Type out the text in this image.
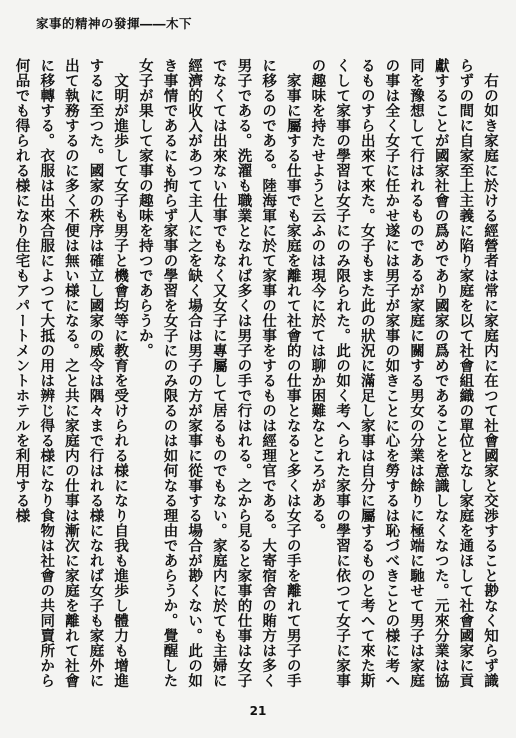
家事的精神の發揮――木下

右の如き家庭に於ける經營者は常に家庭内に在つて社會國家と交渉すること尠なく知らず識らずの間に自家至上主義に陷り家庭を以て社會組織の單位となし家庭を通ほして社會國家に貢獻することが國家社會の爲めであり國家の爲めであることを意識しなくなつた。元來分業は協同を豫想して行はれるものであるが家庭に關する男女の分業は餘りに極端に馳せて男子は家庭の事は全く女子に任かせ遂には男子が家事の如きことに心を勞するは恥づべきことの様に考へるものすら出來て來た。女子もまた此の狀況に滿足し家事は自分に屬するものと考へて來た斯くして家事の學習は女子にのみ限られた。此の如く考へられた家事の學習に依つて女子に家事の趣味を持たせようと云ふのは現今に於ては聊か困難なところがある。

家事に屬する仕事でも家庭を離れて社會的の仕事となると多くは女子の手を離れて男子の手に移るのである。陸海軍に於て家事の仕事をするものは經理官である。大寄宿舍の賄方は多く男子である。洗濯も職業となれば多くは男子の手で行はれる。之から見ると家事的仕事は女子でなくては出來ない仕事でもなく又女子に專屬して居るものでもない。家庭内に於ても主婦に經濟的收入があつて主人に之を缺く場合は男子の方が家事に從事する場合が尠くない。此の如き事情であるにも拘らず家事の學習を女子にのみ限るのは如何なる理由であらうか。覺醒した女子が果して家事の趣味を持つであらうか。

文明が進歩して女子も男子と機會均等に教育を受けられる様になり自我も進歩し體力も增進するに至つた。國家の秩序は確立し國家の威令は隅々まで行はれる様になれば女子も家庭外に出て執務するのに多く不便は無い様になる。之と共に家庭内の仕事は漸次に家庭を離れて社會に移轉する。衣服は出來合服によつて大抵の用は辨じ得る様になり食物は社會の共同賣所から何品でも得られる様になり住宅もアパートメントホテルを利用する様

21
